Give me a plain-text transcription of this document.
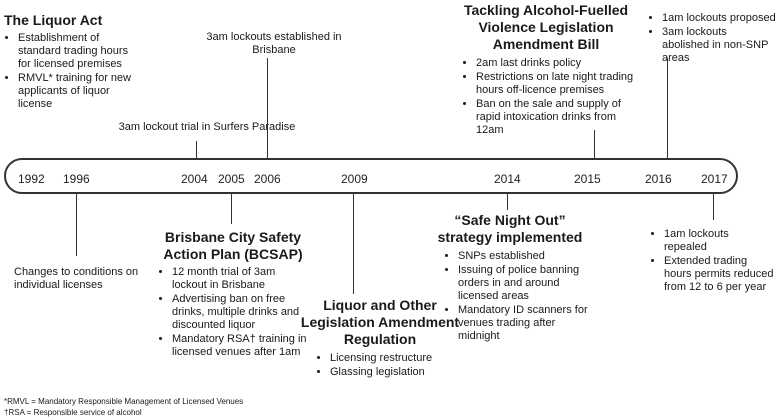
1992 1996	2004 2005 2006	2009	2014	2015	2016 2017
The Liquor Act
• Establishment of standard trading hours for licensed premises
• RMVL* training for new applicants of liquor license
3am lockout trial in Surfers Paradise
3am lockouts established in Brisbane
Tackling Alcohol-Fuelled Violence Legislation Amendment Bill
• 2am last drinks policy
• Restrictions on late night trading hours off-licence premises
• Ban on the sale and supply of rapid intoxication drinks from 12am
• 1am lockouts proposed
• 3am lockouts abolished in non-SNP areas
Changes to conditions on individual licenses
Brisbane City Safety Action Plan (BCSAP)
• 12 month trial of 3am lockout in Brisbane
• Advertising ban on free drinks, multiple drinks and discounted liquor
• Mandatory RSA† training in licensed venues after 1am
Liquor and Other Legislation Amendment Regulation
• Licensing restructure
• Glassing legislation
“Safe Night Out” strategy implemented
• SNPs established
• Issuing of police banning orders in and around licensed areas
• Mandatory ID scanners for venues trading after midnight
• 1am lockouts repealed
• Extended trading hours permits reduced from 12 to 6 per year
*RMVL = Mandatory Responsible Management of Licensed Venues
†RSA = Responsible service of alcohol
